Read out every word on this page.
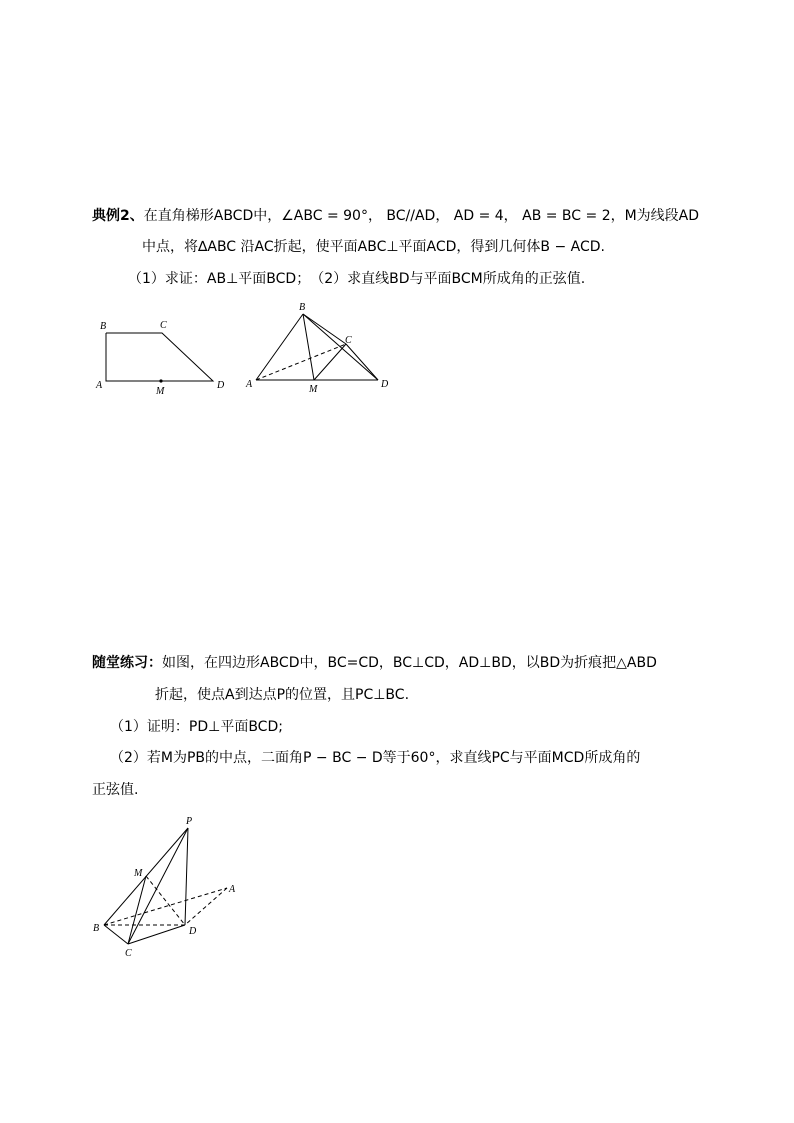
典例2、在直角梯形ABCD中，∠ABC = 90°， BC//AD， AD = 4， AB = BC = 2，M为线段AD
中点，将∆ABC 沿AC折起，使平面ABC⊥平面ACD，得到几何体B − ACD.
（1）求证：AB⊥平面BCD；　（2）求直线BD与平面BCM所成角的正弦值.
B	C
A
M
D
B
C
A	M	D
随堂练习：如图，在四边形ABCD中，BC=CD，BC⊥CD，AD⊥BD，以BD为折痕把△ABD
折起，使点A到达点P的位置，且PC⊥BC.
（1）证明：PD⊥平面BCD;
（2）若M为PB的中点，二面角P − BC − D等于60°，求直线PC与平面MCD所成角的
正弦值.
P
M
A
B	D
C
